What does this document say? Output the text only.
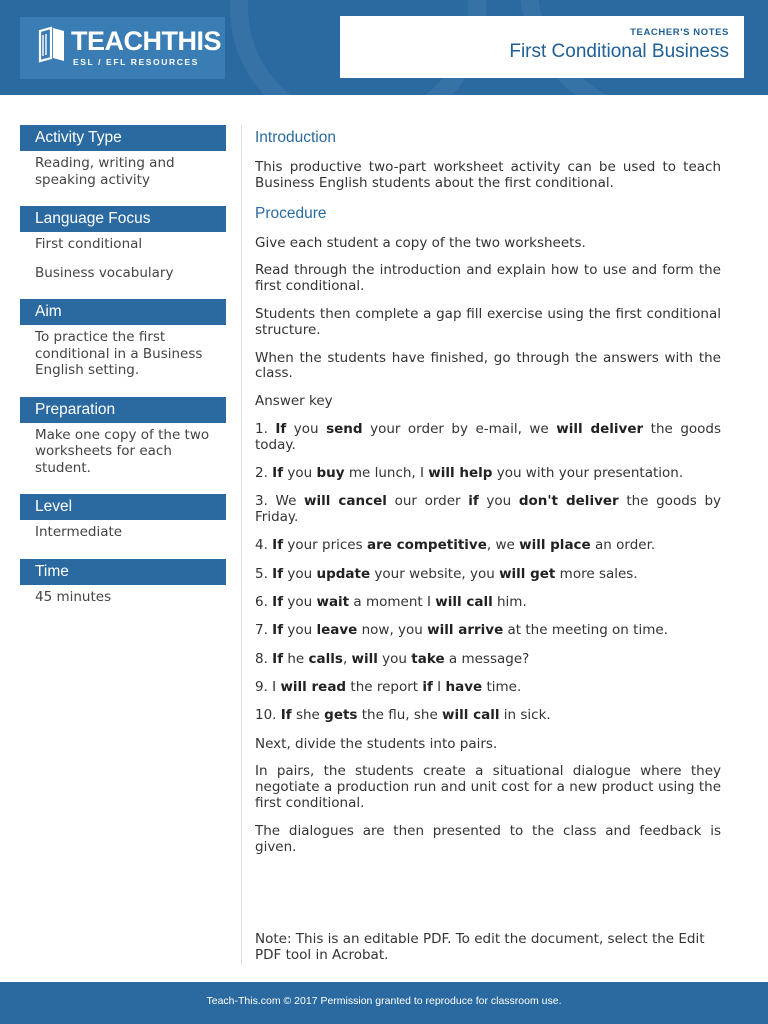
TEACHTHIS
ESL / EFL RESOURCES
TEACHER'S NOTES
First Conditional Business
Activity Type

Reading, writing and speaking activity

Language Focus

First conditional

Business vocabulary

Aim

To practice the first conditional in a Business English setting.

Preparation

Make one copy of the two worksheets for each student.

Level

Intermediate

Time

45 minutes

Introduction

This productive two-part worksheet activity can be used to teach Business English students about the first conditional.

Procedure

Give each student a copy of the two worksheets.

Read through the introduction and explain how to use and form the first conditional.

Students then complete a gap fill exercise using the first conditional structure.

When the students have finished, go through the answers with the class.

Answer key

1. If you send your order by e-mail, we will deliver the goods today.

2. If you buy me lunch, I will help you with your presentation.

3. We will cancel our order if you don't deliver the goods by Friday.

4. If your prices are competitive, we will place an order.

5. If you update your website, you will get more sales.

6. If you wait a moment I will call him.

7. If you leave now, you will arrive at the meeting on time.

8. If he calls, will you take a message?

9. I will read the report if I have time.

10. If she gets the flu, she will call in sick.

Next, divide the students into pairs.

In pairs, the students create a situational dialogue where they negotiate a production run and unit cost for a new product using the first conditional.

The dialogues are then presented to the class and feedback is given.

Note: This is an editable PDF. To edit the document, select the Edit PDF tool in Acrobat.

Teach-This.com © 2017 Permission granted to reproduce for classroom use.
